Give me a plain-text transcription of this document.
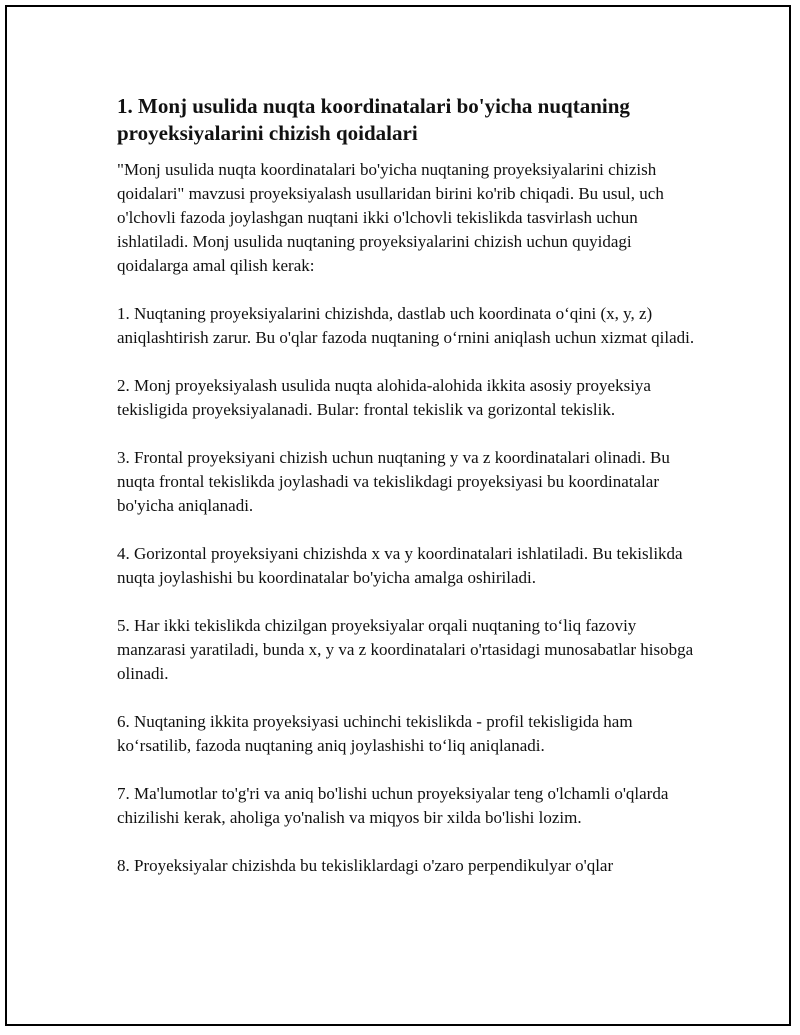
1. Monj usulida nuqta koordinatalari bo'yicha nuqtaning proyeksiyalarini chizish qoidalari

"Monj usulida nuqta koordinatalari bo'yicha nuqtaning proyeksiyalarini chizish qoidalari" mavzusi proyeksiyalash usullaridan birini ko'rib chiqadi. Bu usul, uch o'lchovli fazoda joylashgan nuqtani ikki o'lchovli tekislikda tasvirlash uchun ishlatiladi. Monj usulida nuqtaning proyeksiyalarini chizish uchun quyidagi qoidalarga amal qilish kerak:

1. Nuqtaning proyeksiyalarini chizishda, dastlab uch koordinata o‘qini (x, y, z) aniqlashtirish zarur. Bu o'qlar fazoda nuqtaning o‘rnini aniqlash uchun xizmat qiladi.

2. Monj proyeksiyalash usulida nuqta alohida-alohida ikkita asosiy proyeksiya tekisligida proyeksiyalanadi. Bular: frontal tekislik va gorizontal tekislik.

3. Frontal proyeksiyani chizish uchun nuqtaning y va z koordinatalari olinadi. Bu nuqta frontal tekislikda joylashadi va tekislikdagi proyeksiyasi bu koordinatalar bo'yicha aniqlanadi.

4. Gorizontal proyeksiyani chizishda x va y koordinatalari ishlatiladi. Bu tekislikda nuqta joylashishi bu koordinatalar bo'yicha amalga oshiriladi.

5. Har ikki tekislikda chizilgan proyeksiyalar orqali nuqtaning to‘liq fazoviy manzarasi yaratiladi, bunda x, y va z koordinatalari o'rtasidagi munosabatlar hisobga olinadi.

6. Nuqtaning ikkita proyeksiyasi uchinchi tekislikda - profil tekisligida ham ko‘rsatilib, fazoda nuqtaning aniq joylashishi to‘liq aniqlanadi.

7. Ma'lumotlar to'g'ri va aniq bo'lishi uchun proyeksiyalar teng o'lchamli o'qlarda chizilishi kerak, aholiga yo'nalish va miqyos bir xilda bo'lishi lozim.

8. Proyeksiyalar chizishda bu tekisliklardagi o'zaro perpendikulyar o'qlar
